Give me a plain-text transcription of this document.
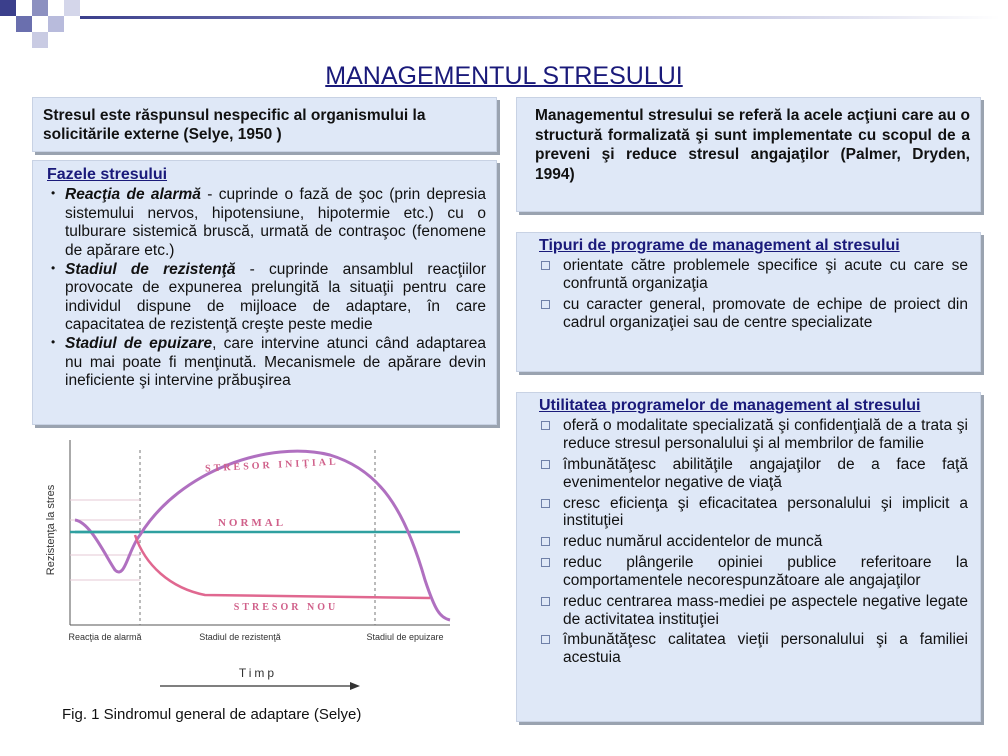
MANAGEMENTUL STRESULUI
Stresul este răspunsul nespecific al organismului la solicitările externe (Selye, 1950 )
Fazele stresului
• Reacţia de alarmă - cuprinde o fază de şoc (prin depresia sistemului nervos, hipotensiune, hipotermie etc.) cu o tulburare sistemică bruscă, urmată de contraşoc (fenomene de apărare etc.)
• Stadiul de rezistenţă - cuprinde ansamblul reacţiilor provocate de expunerea prelungită la situaţii pentru care individul dispune de mijloace de adaptare, în care capacitatea de rezistenţă creşte peste medie
• Stadiul de epuizare, care intervine atunci când adaptarea nu mai poate fi menţinută. Mecanismele de apărare devin ineficiente şi intervine prăbuşirea
Rezistenţa la stres
STRESOR INIŢIAL
NORMAL
STRESOR NOU
Reacţia de alarmă	Stadiul de rezistenţă	Stadiul de epuizare
Timp
Fig. 1 Sindromul general de adaptare (Selye)
Managementul stresului se referă la acele acţiuni care au o structură formalizată şi sunt implementate cu scopul de a preveni şi reduce stresul angajaţilor (Palmer, Dryden, 1994)
Tipuri de programe de management al stresului
orientate către problemele specifice şi acute cu care se confruntă organizaţia
cu caracter general, promovate de echipe de proiect din cadrul organizaţiei sau de centre specializate
Utilitatea programelor de management al stresului
oferă o modalitate specializată şi confidenţială de a trata şi reduce stresul personalului şi al membrilor de familie
îmbunătăţesc abilităţile angajaţilor de a face faţă evenimentelor negative de viaţă
cresc eficienţa şi eficacitatea personalului şi implicit a instituţiei
reduc numărul accidentelor de muncă
reduc plângerile opiniei publice referitoare la comportamentele necorespunzătoare ale angajaţilor
reduc centrarea mass-mediei pe aspectele negative legate de activitatea instituţiei
îmbunătăţesc calitatea vieţii personalului şi a familiei acestuia
